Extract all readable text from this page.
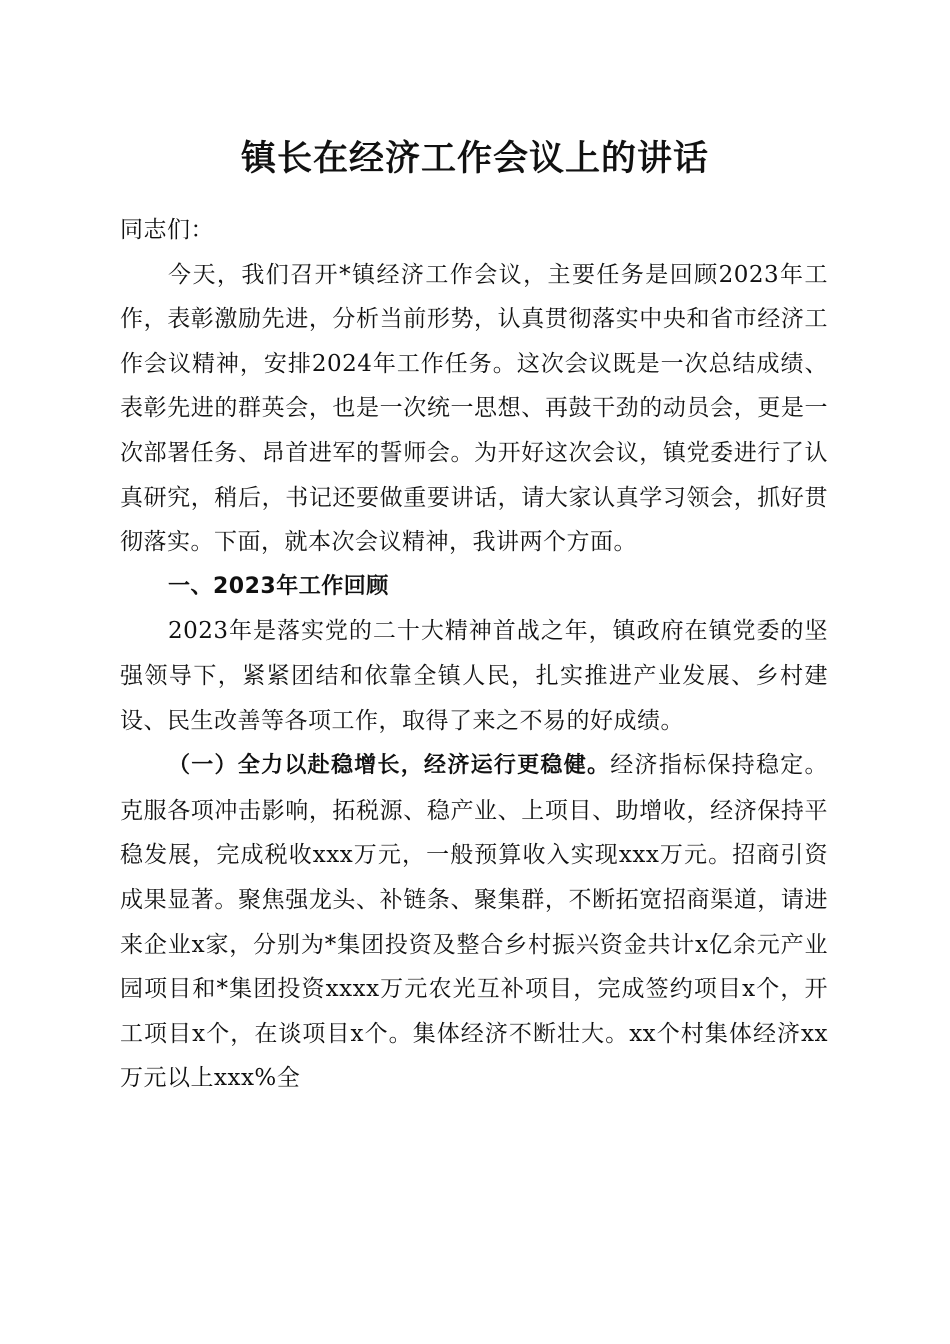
镇长在经济工作会议上的讲话

同志们：

今天，我们召开*镇经济工作会议，主要任务是回顾2023年工作，表彰激励先进，分析当前形势，认真贯彻落实中央和省市经济工作会议精神，安排2024年工作任务。这次会议既是一次总结成绩、表彰先进的群英会，也是一次统一思想、再鼓干劲的动员会，更是一次部署任务、昂首进军的誓师会。为开好这次会议，镇党委进行了认真研究，稍后，书记还要做重要讲话，请大家认真学习领会，抓好贯彻落实。下面，就本次会议精神，我讲两个方面。

一、2023年工作回顾

2023年是落实党的二十大精神首战之年，镇政府在镇党委的坚强领导下，紧紧团结和依靠全镇人民，扎实推进产业发展、乡村建设、民生改善等各项工作，取得了来之不易的好成绩。

（一）全力以赴稳增长，经济运行更稳健。经济指标保持稳定。克服各项冲击影响，拓税源、稳产业、上项目、助增收，经济保持平稳发展，完成税收xxx万元，一般预算收入实现xxx万元。招商引资成果显著。聚焦强龙头、补链条、聚集群，不断拓宽招商渠道，请进来企业x家，分别为*集团投资及整合乡村振兴资金共计x亿余元产业园项目和*集团投资xxxx万元农光互补项目，完成签约项目x个，开工项目x个，在谈项目x个。集体经济不断壮大。xx个村集体经济xx万元以上xxx%全
